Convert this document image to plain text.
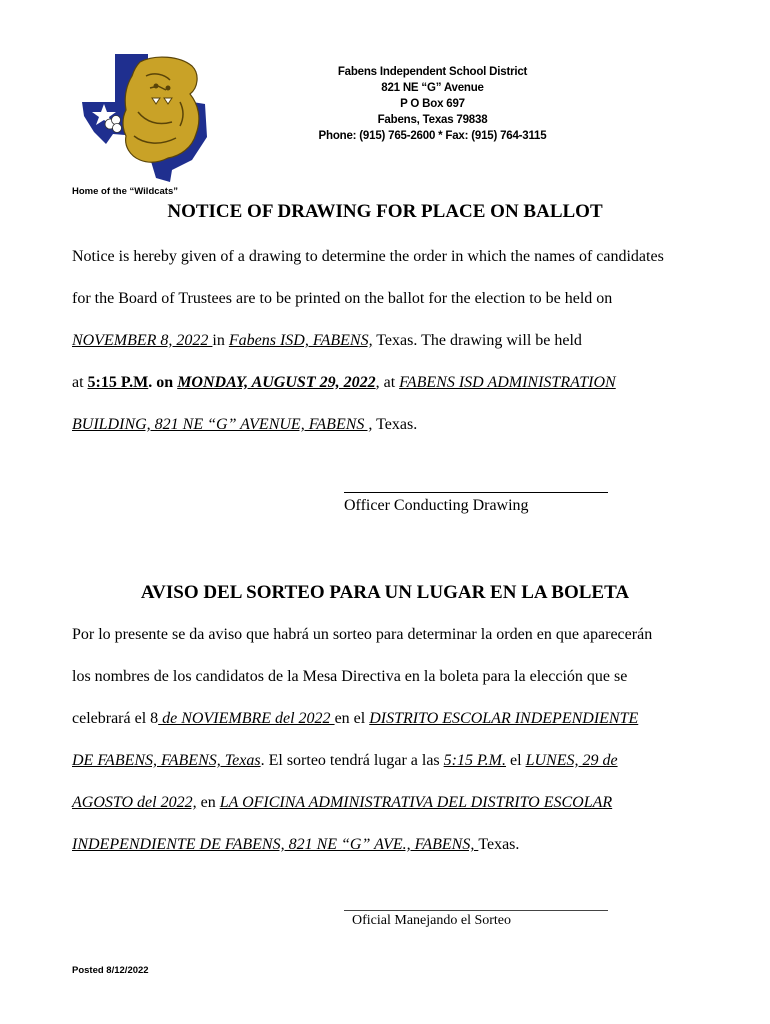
Fabens Independent School District
821 NE “G” Avenue
P O Box 697
Fabens, Texas 79838
Phone: (915) 765-2600 * Fax: (915) 764-3115
Home of the “Wildcats”
NOTICE OF DRAWING FOR PLACE ON BALLOT
Notice is hereby given of a drawing to determine the order in which the names of candidates
for the Board of Trustees are to be printed on the ballot for the election to be held on
NOVEMBER 8, 2022 in Fabens ISD, FABENS, Texas. The drawing will be held
at 5:15 P.M. on MONDAY, AUGUST 29, 2022, at FABENS ISD ADMINISTRATION
BUILDING, 821 NE “G” AVENUE, FABENS , Texas.
Officer Conducting Drawing
AVISO DEL SORTEO PARA UN LUGAR EN LA BOLETA
Por lo presente se da aviso que habrá un sorteo para determinar la orden en que aparecerán
los nombres de los candidatos de la Mesa Directiva en la boleta para la elección que se
celebrará el 8 de NOVIEMBRE del 2022 en el DISTRITO ESCOLAR INDEPENDIENTE
DE FABENS, FABENS, Texas. El sorteo tendrá lugar a las 5:15 P.M. el LUNES, 29 de
AGOSTO del 2022, en LA OFICINA ADMINISTRATIVA DEL DISTRITO ESCOLAR
INDEPENDIENTE DE FABENS, 821 NE “G” AVE., FABENS, Texas.
Oficial Manejando el Sorteo
Posted 8/12/2022
